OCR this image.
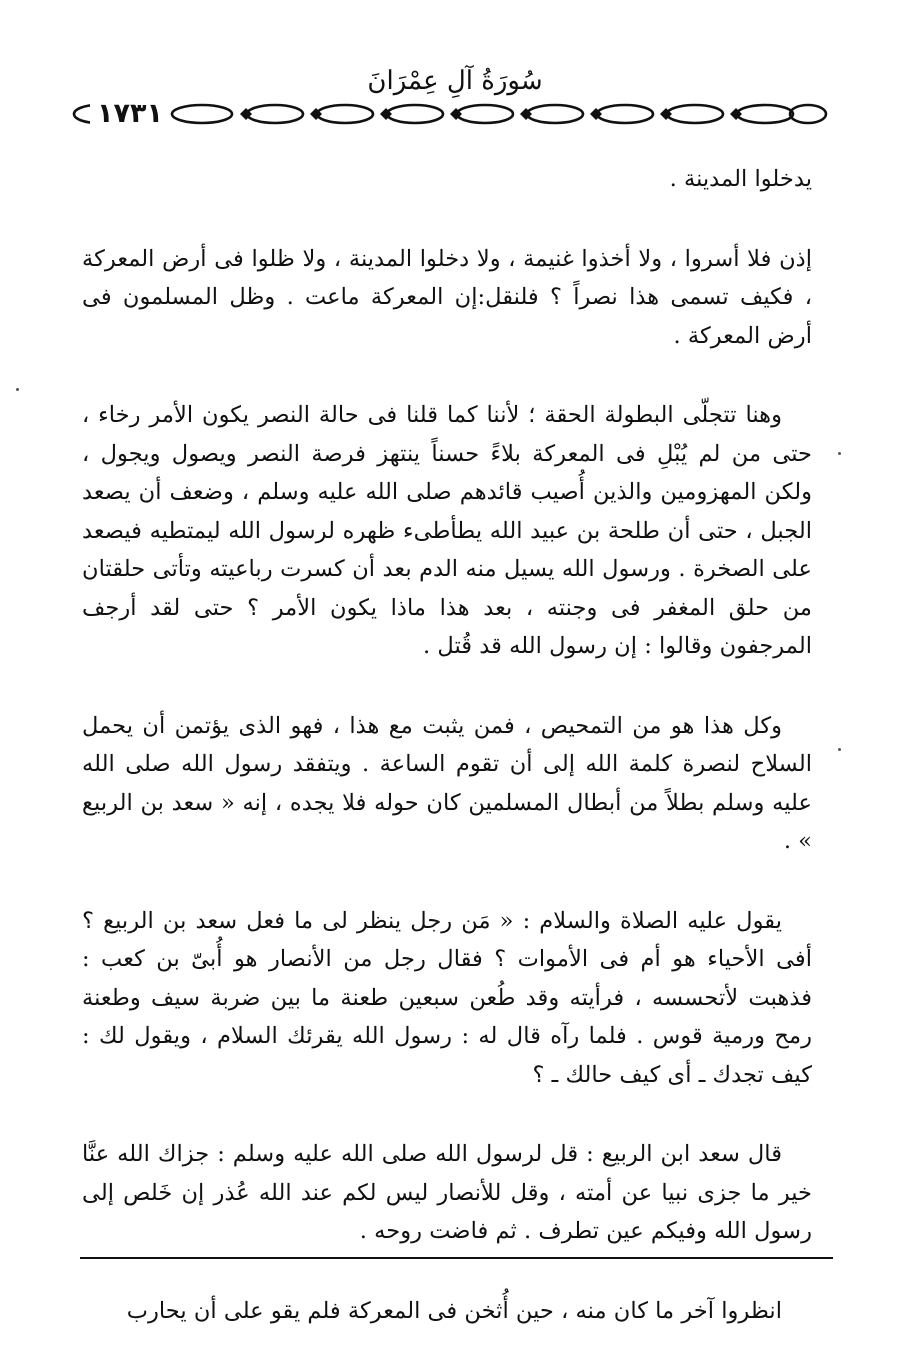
سُورَةُ آلِ عِمْرَانَ
١٧٣١

يدخلوا المدينة .

إذن فلا أسروا ، ولا أخذوا غنيمة ، ولا دخلوا المدينة ، ولا ظلوا فى أرض المعركة ، فكيف تسمى هذا نصراً ؟ فلنقل:إن المعركة ماعت . وظل المسلمون فى أرض المعركة .

وهنا تتجلّى البطولة الحقة ؛ لأننا كما قلنا فى حالة النصر يكون الأمر رخاء ، حتى من لم يُبْلِ فى المعركة بلاءً حسناً ينتهز فرصة النصر ويصول ويجول ، ولكن المهزومين والذين أُصيب قائدهم صلى الله عليه وسلم ، وضعف أن يصعد الجبل ، حتى أن طلحة بن عبيد الله يطأطىء ظهره لرسول الله ليمتطيه فيصعد على الصخرة . ورسول الله يسيل منه الدم بعد أن كسرت رباعيته وتأتى حلقتان من حلق المغفر فى وجنته ، بعد هذا ماذا يكون الأمر ؟ حتى لقد أرجف المرجفون وقالوا : إن رسول الله قد قُتل .

وكل هذا هو من التمحيص ، فمن يثبت مع هذا ، فهو الذى يؤتمن أن يحمل السلاح لنصرة كلمة الله إلى أن تقوم الساعة . ويتفقد رسول الله صلى الله عليه وسلم بطلاً من أبطال المسلمين كان حوله فلا يجده ، إنه « سعد بن الربيع » .

يقول عليه الصلاة والسلام : « مَن رجل ينظر لى ما فعل سعد بن الربيع ؟ أفى الأحياء هو أم فى الأموات ؟ فقال رجل من الأنصار هو أُبىّ بن كعب : فذهبت لأتحسسه ، فرأيته وقد طُعن سبعين طعنة ما بين ضربة سيف وطعنة رمح ورمية قوس . فلما رآه قال له : رسول الله يقرئك السلام ، ويقول لك : كيف تجدك ـ أى كيف حالك ـ ؟

قال سعد ابن الربيع : قل لرسول الله صلى الله عليه وسلم : جزاك الله عنَّا خير ما جزى نبيا عن أمته ، وقل للأنصار ليس لكم عند الله عُذر إن خَلص إلى رسول الله وفيكم عين تطرف . ثم فاضت روحه .

انظروا آخر ما كان منه ، حين أُثخن فى المعركة فلم يقو على أن يحارب
